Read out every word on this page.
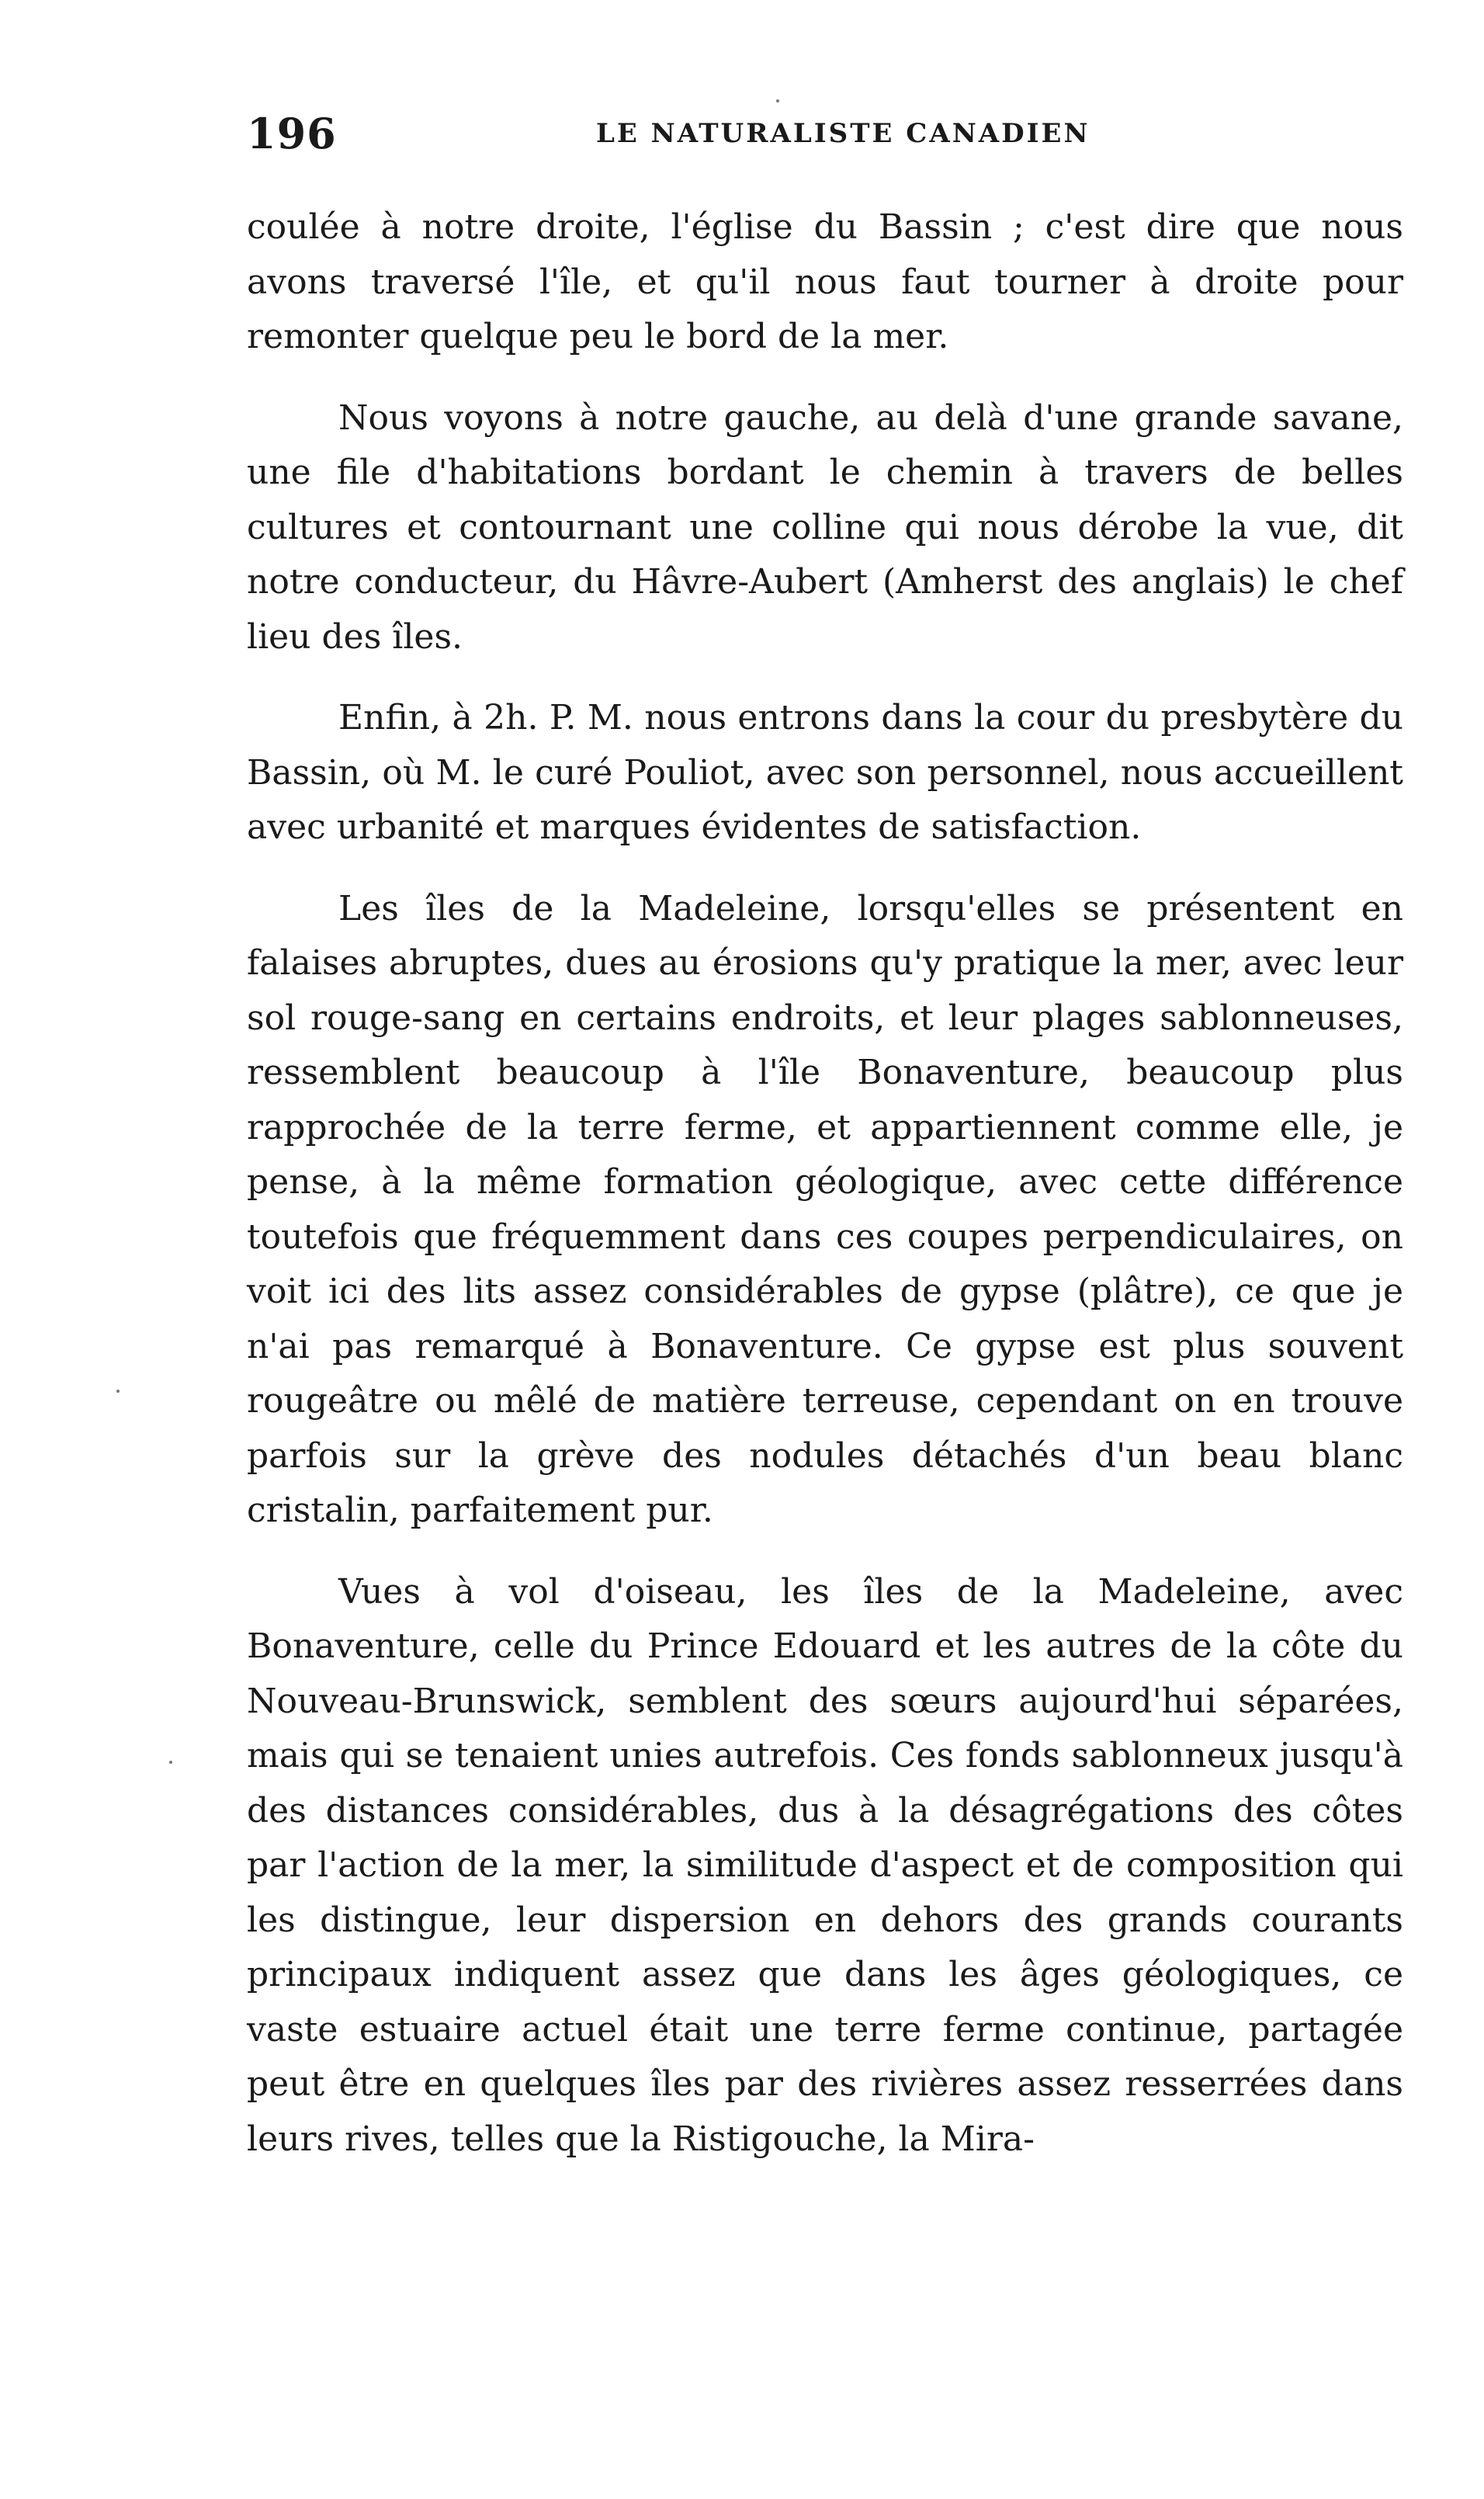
196	LE NATURALISTE CANADIEN

coulée à notre droite, l'église du Bassin ; c'est dire que nous avons traversé l'île, et qu'il nous faut tourner à droite pour remonter quelque peu le bord de la mer.

Nous voyons à notre gauche, au delà d'une grande savane, une file d'habitations bordant le chemin à travers de belles cultures et contournant une colline qui nous dérobe la vue, dit notre conducteur, du Hâvre-Aubert (Amherst des anglais) le chef lieu des îles.

Enfin, à 2h. P. M. nous entrons dans la cour du presbytère du Bassin, où M. le curé Pouliot, avec son personnel, nous accueillent avec urbanité et marques évidentes de satisfaction.

Les îles de la Madeleine, lorsqu'elles se présentent en falaises abruptes, dues au érosions qu'y pratique la mer, avec leur sol rouge-sang en certains endroits, et leur plages sablonneuses, ressemblent beaucoup à l'île Bonaventure, beaucoup plus rapprochée de la terre ferme, et appartiennent comme elle, je pense, à la même formation géologique, avec cette différence toutefois que fréquemment dans ces coupes perpendiculaires, on voit ici des lits assez considérables de gypse (plâtre), ce que je n'ai pas remarqué à Bonaventure. Ce gypse est plus souvent rougeâtre ou mêlé de matière terreuse, cependant on en trouve parfois sur la grève des nodules détachés d'un beau blanc cristalin, parfaitement pur.

Vues à vol d'oiseau, les îles de la Madeleine, avec Bonaventure, celle du Prince Edouard et les autres de la côte du Nouveau-Brunswick, semblent des sœurs aujourd'hui séparées, mais qui se tenaient unies autrefois. Ces fonds sablonneux jusqu'à des distances considérables, dus à la désagrégations des côtes par l'action de la mer, la similitude d'aspect et de composition qui les distingue, leur dispersion en dehors des grands courants principaux indiquent assez que dans les âges géologiques, ce vaste estuaire actuel était une terre ferme continue, partagée peut être en quelques îles par des rivières assez resserrées dans leurs rives, telles que la Ristigouche, la Mira-
